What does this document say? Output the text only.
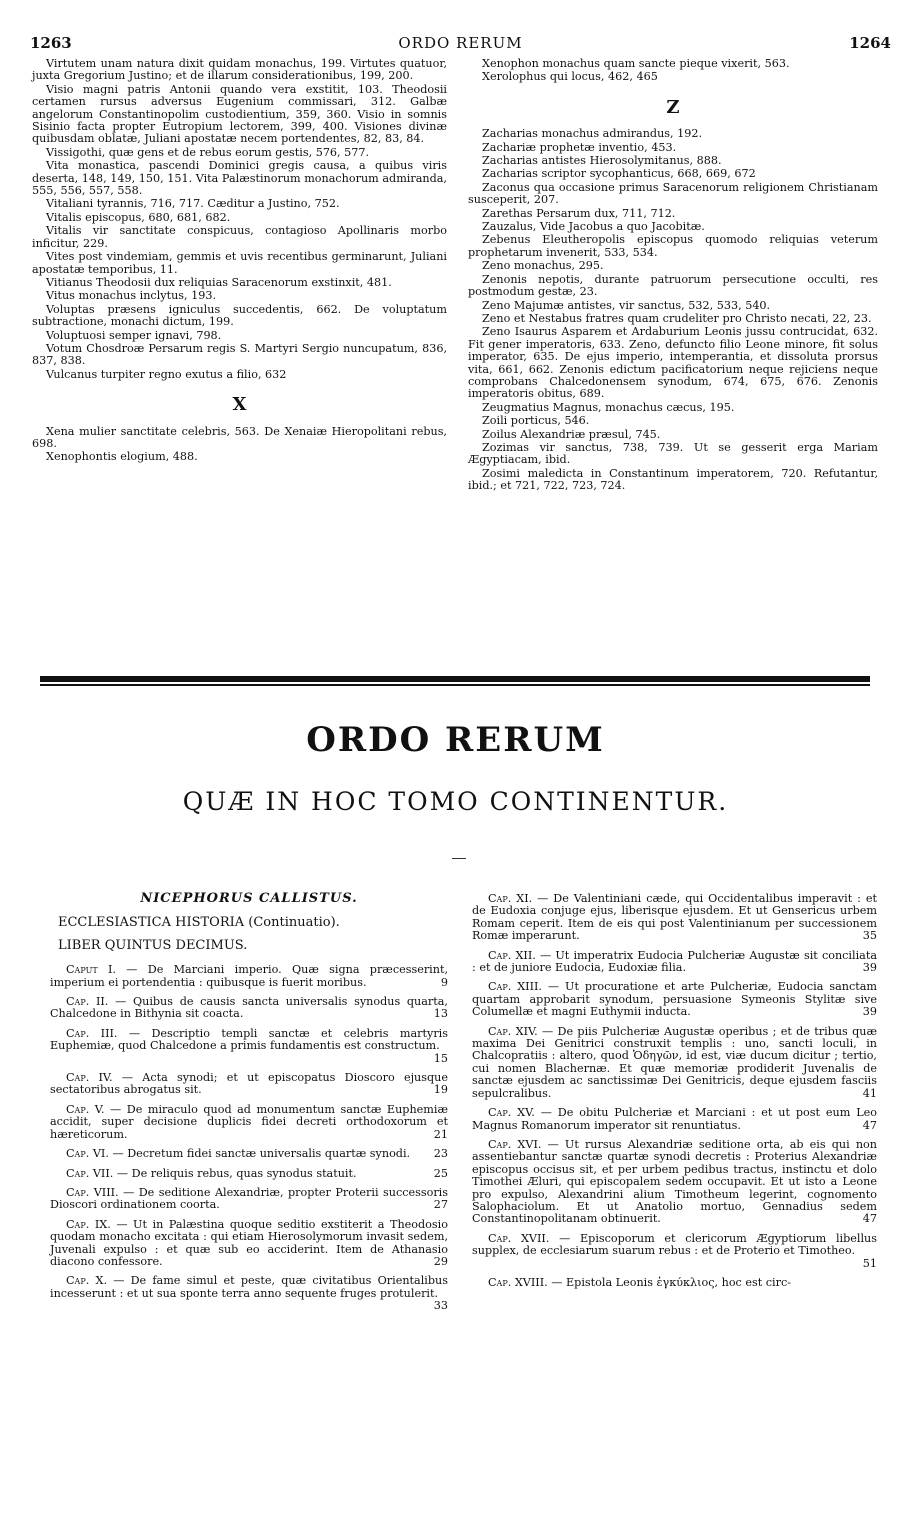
1263	ORDO RERUM	1264

Virtutem unam natura dixit quidam monachus, 199. Virtutes quatuor, juxta Gregorium Justino; et de illarum considerationibus, 199, 200.

Visio magni patris Antonii quando vera exstitit, 103. Theodosii certamen rursus adversus Eugenium commissari, 312. Galbæ angelorum Constantinopolim custodientium, 359, 360. Visio in somnis Sisinio facta propter Eutropium lectorem, 399, 400. Visiones divinæ quibusdam oblatæ, Juliani apostatæ necem portendentes, 82, 83, 84.

Vissigothi, quæ gens et de rebus eorum gestis, 576, 577.

Vita monastica, pascendi Dominici gregis causa, a quibus viris deserta, 148, 149, 150, 151. Vita Palæstinorum monachorum admiranda, 555, 556, 557, 558.

Vitaliani tyrannis, 716, 717. Cæditur a Justino, 752.

Vitalis episcopus, 680, 681, 682.

Vitalis vir sanctitate conspicuus, contagioso Apollinaris morbo inficitur, 229.

Vites post vindemiam, gemmis et uvis recentibus germinarunt, Juliani apostatæ temporibus, 11.

Vitianus Theodosii dux reliquias Saracenorum exstinxit, 481.

Vitus monachus inclytus, 193.

Voluptas præsens igniculus succedentis, 662. De voluptatum subtractione, monachi dictum, 199.

Voluptuosi semper ignavi, 798.

Votum Chosdroæ Persarum regis S. Martyri Sergio nuncupatum, 836, 837, 838.

Vulcanus turpiter regno exutus a filio, 632

X

Xena mulier sanctitate celebris, 563. De Xenaiæ Hieropolitani rebus, 698.

Xenophontis elogium, 488.

Xenophon monachus quam sancte pieque vixerit, 563.

Xerolophus qui locus, 462, 465

Z

Zacharias monachus admirandus, 192.

Zachariæ prophetæ inventio, 453.

Zacharias antistes Hierosolymitanus, 888.

Zacharias scriptor sycophanticus, 668, 669, 672

Zaconus qua occasione primus Saracenorum religionem Christianam susceperit, 207.

Zarethas Persarum dux, 711, 712.

Zauzalus, Vide Jacobus a quo Jacobitæ.

Zebenus Eleutheropolis episcopus quomodo reliquias veterum prophetarum invenerit, 533, 534.

Zeno monachus, 295.

Zenonis nepotis, durante patruorum persecutione occulti, res postmodum gestæ, 23.

Zeno Majumæ antistes, vir sanctus, 532, 533, 540.

Zeno et Nestabus fratres quam crudeliter pro Christo necati, 22, 23.

Zeno Isaurus Asparem et Ardaburium Leonis jussu contrucidat, 632. Fit gener imperatoris, 633. Zeno, defuncto filio Leone minore, fit solus imperator, 635. De ejus imperio, intemperantia, et dissoluta prorsus vita, 661, 662. Zenonis edictum pacificatorium neque rejiciens neque comprobans Chalcedonensem synodum, 674, 675, 676. Zenonis imperatoris obitus, 689.

Zeugmatius Magnus, monachus cæcus, 195.

Zoili porticus, 546.

Zoilus Alexandriæ præsul, 745.

Zozimas vir sanctus, 738, 739. Ut se gesserit erga Mariam Ægyptiacam, ibid.

Zosimi maledicta in Constantinum imperatorem, 720. Refutantur, ibid.; et 721, 722, 723, 724.

ORDO RERUM
QUÆ IN HOC TOMO CONTINENTUR.
NICEPHORUS CALLISTUS.
ECCLESIASTICA HISTORIA (Continuatio).
LIBER QUINTUS DECIMUS.
Caput I. — De Marciani imperio. Quæ signa præcesserint, imperium ei portendentia : quibusque is fuerit moribus.	9
Cap. II. — Quibus de causis sancta universalis synodus quarta, Chalcedone in Bithynia sit coacta.	13
Cap. III. — Descriptio templi sanctæ et celebris martyris Euphemiæ, quod Chalcedone a primis fundamentis est constructum.
15
Cap. IV. — Acta synodi; et ut episcopatus Dioscoro ejusque sectatoribus abrogatus sit.	19
Cap. V. — De miraculo quod ad monumentum sanctæ Euphemiæ accidit, super decisione duplicis fidei decreti orthodoxorum et hæreticorum.	21
Cap. VI. — Decretum fidei sanctæ universalis quartæ synodi.	23
Cap. VII. — De reliquis rebus, quas synodus statuit.	25
Cap. VIII. — De seditione Alexandriæ, propter Proterii successoris Dioscori ordinationem coorta.	27
Cap. IX. — Ut in Palæstina quoque seditio exstiterit a Theodosio quodam monacho excitata : qui etiam Hierosolymorum invasit sedem, Juvenali expulso : et quæ sub eo acciderint. Item de Athanasio diacono confessore.	29
Cap. X. — De fame simul et peste, quæ civitatibus Orientalibus incesserunt : et ut sua sponte terra anno sequente fruges protulerit.
33
Cap. XI. — De Valentiniani cæde, qui Occidentalibus imperavit : et de Eudoxia conjuge ejus, liberisque ejusdem. Et ut Gensericus urbem Romam ceperit. Item de eis qui post Valentinianum per successionem Romæ imperarunt.	35
Cap. XII. — Ut imperatrix Eudocia Pulcheriæ Augustæ sit conciliata : et de juniore Eudocia, Eudoxiæ filia.	39
Cap. XIII. — Ut procuratione et arte Pulcheriæ, Eudocia sanctam quartam approbarit synodum, persuasione Symeonis Stylitæ sive Columellæ et magni Euthymii inducta.	39
Cap. XIV. — De piis Pulcheriæ Augustæ operibus ; et de tribus quæ maxima Dei Genitrici construxit templis : uno, sancti loculi, in Chalcopratiis : altero, quod Ὁδηγῶν, id est, viæ ducum dicitur ; tertio, cui nomen Blachernæ. Et quæ memoriæ prodiderit Juvenalis de sanctæ ejusdem ac sanctissimæ Dei Genitricis, deque ejusdem fasciis sepulcralibus.	41
Cap. XV. — De obitu Pulcheriæ et Marciani : et ut post eum Leo Magnus Romanorum imperator sit renuntiatus.	47
Cap. XVI. — Ut rursus Alexandriæ seditione orta, ab eis qui non assentiebantur sanctæ quartæ synodi decretis : Proterius Alexandriæ episcopus occisus sit, et per urbem pedibus tractus, instinctu et dolo Timothei Æluri, qui episcopalem sedem occupavit. Et ut isto a Leone pro expulso, Alexandrini alium Timotheum legerint, cognomento Salophaciolum. Et ut Anatolio mortuo, Gennadius sedem Constantinopolitanam obtinuerit.	47
Cap. XVII. — Episcoporum et clericorum Ægyptiorum libellus supplex, de ecclesiarum suarum rebus : et de Proterio et Timotheo.
51
Cap. XVIII. — Epistola Leonis ἐγκύκλιος, hoc est circ-
